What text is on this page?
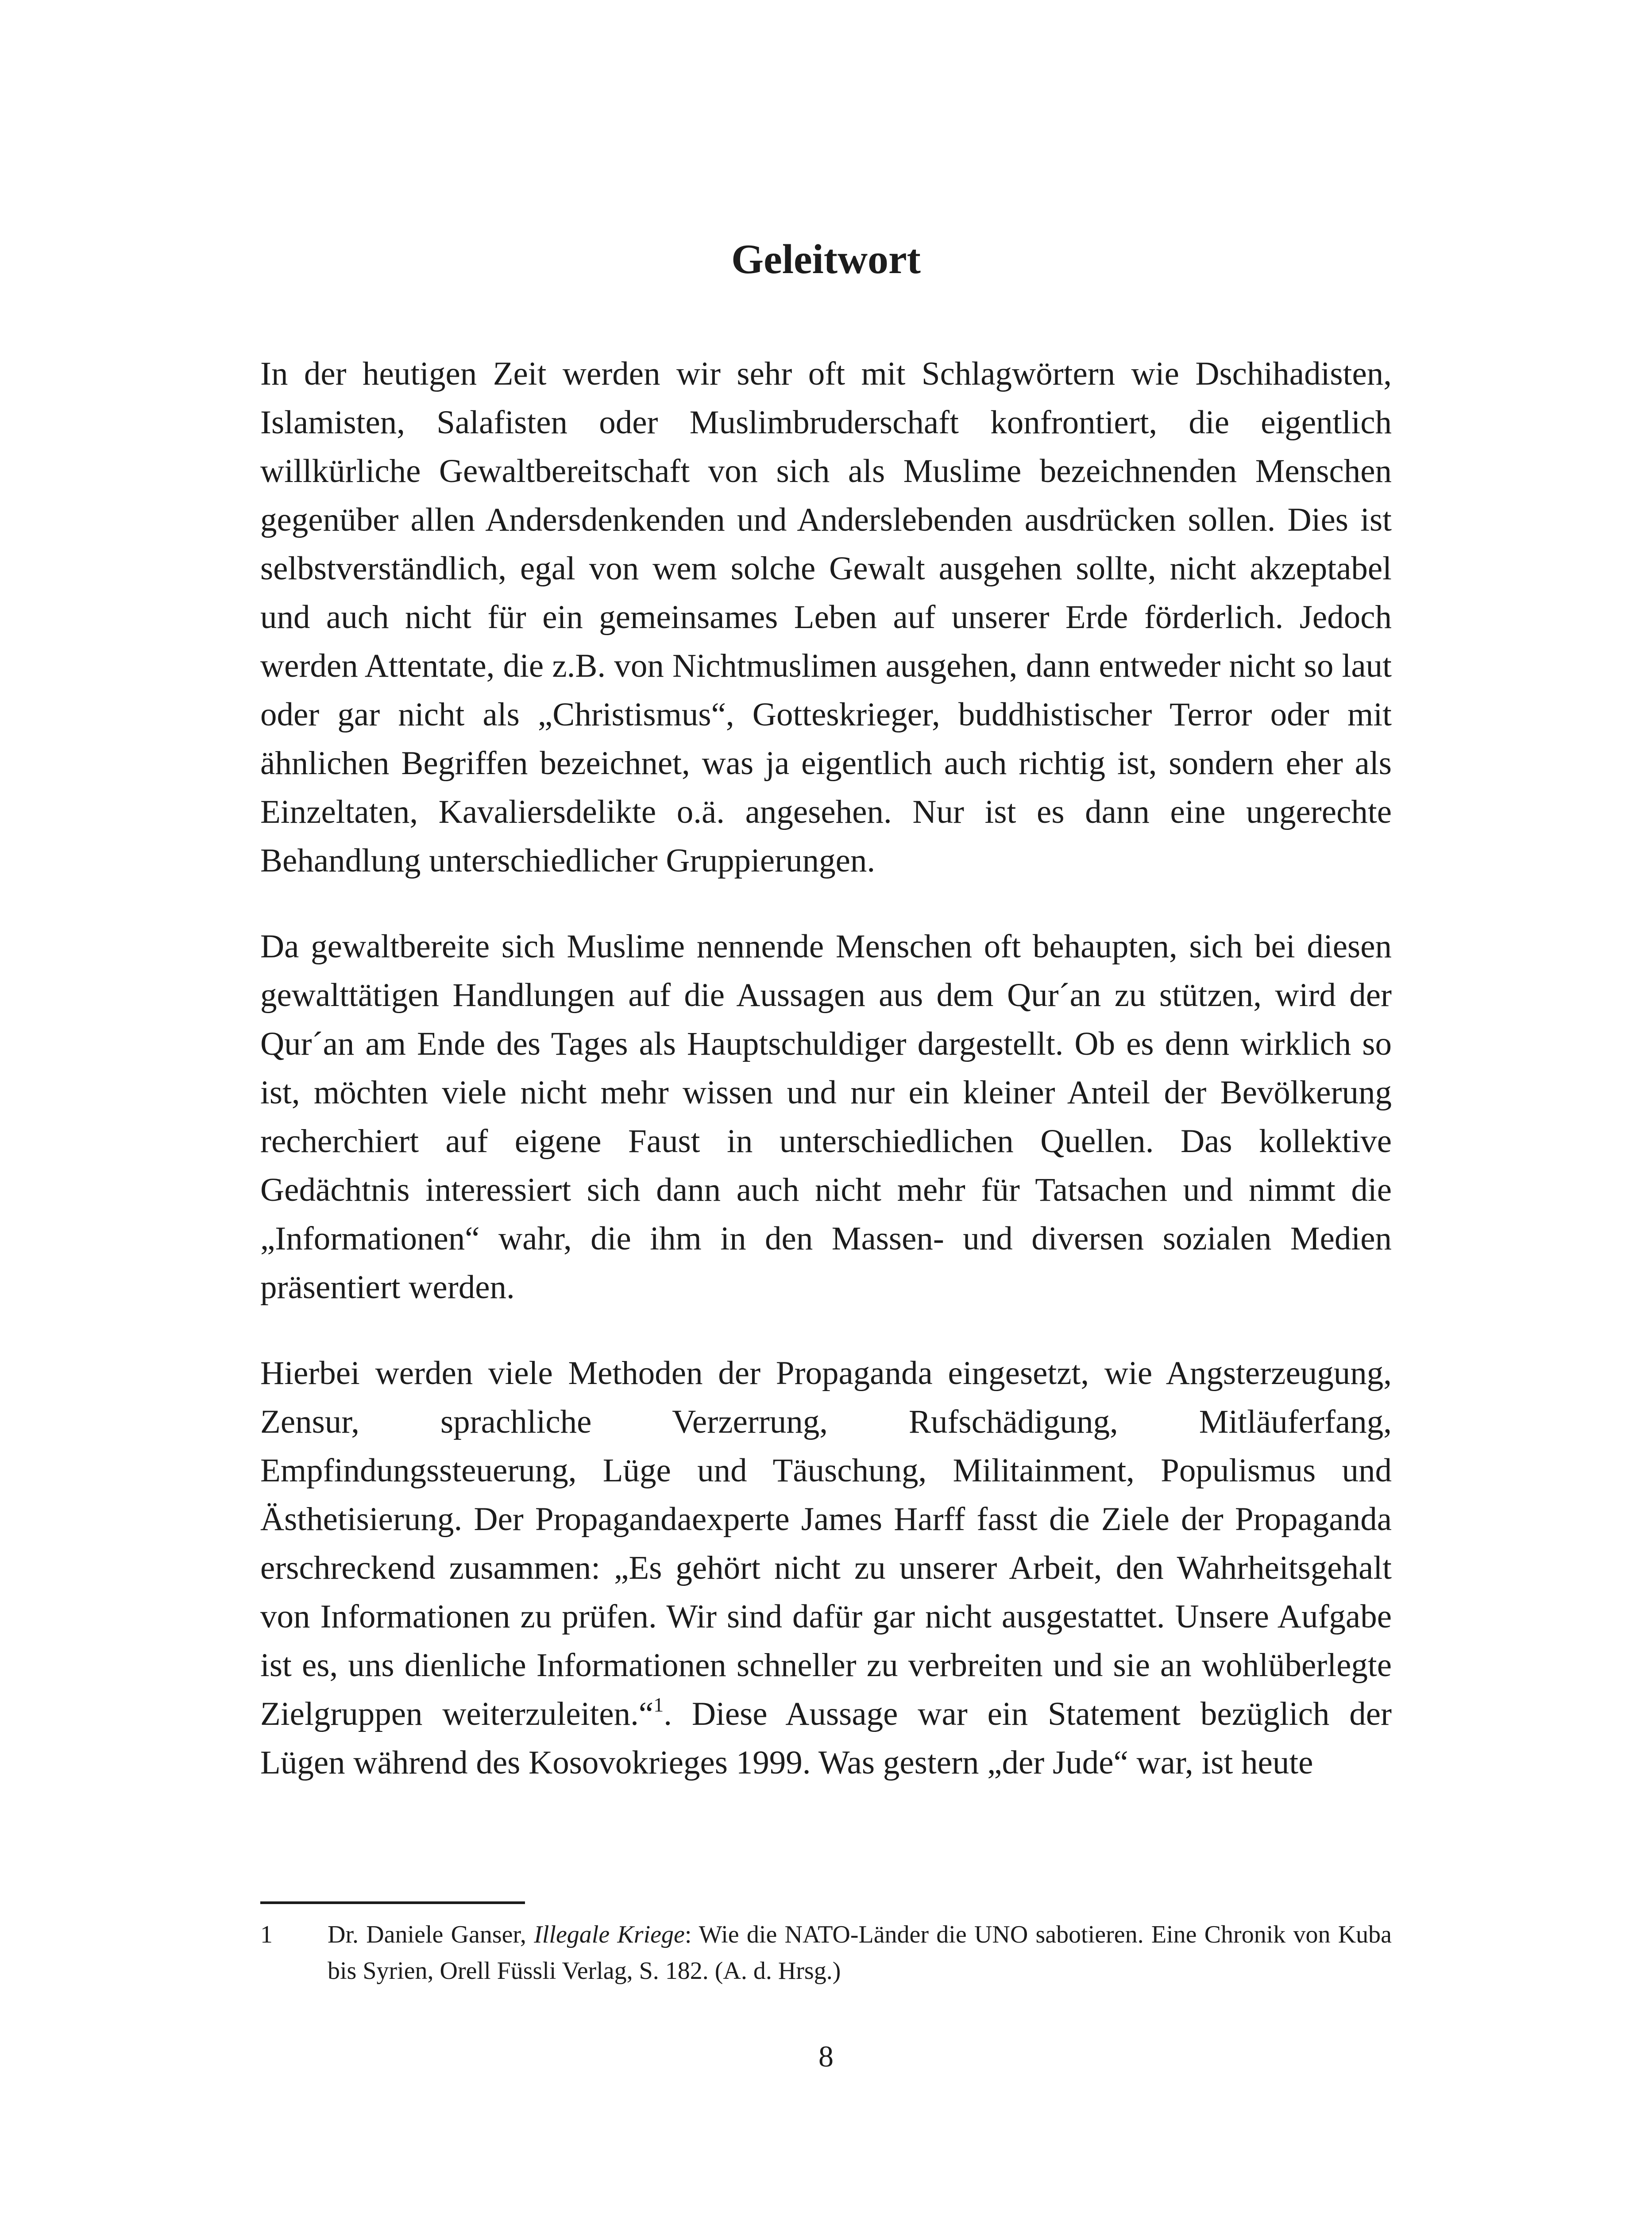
Geleitwort

In der heutigen Zeit werden wir sehr oft mit Schlagwörtern wie Dschihadisten, Islamisten, Salafisten oder Muslimbruderschaft konfrontiert, die eigentlich willkürliche Gewaltbereitschaft von sich als Muslime bezeichnenden Menschen gegenüber allen Andersdenkenden und Anderslebenden ausdrücken sollen. Dies ist selbstverständlich, egal von wem solche Gewalt ausgehen sollte, nicht akzeptabel und auch nicht für ein gemeinsames Leben auf unserer Erde förderlich. Jedoch werden Attentate, die z.B. von Nichtmuslimen ausgehen, dann entweder nicht so laut oder gar nicht als „Christismus“, Gotteskrieger, buddhistischer Terror oder mit ähnlichen Begriffen bezeichnet, was ja eigentlich auch richtig ist, sondern eher als Einzeltaten, Kavaliersdelikte o.ä. angesehen. Nur ist es dann eine ungerechte Behandlung unterschiedlicher Gruppierungen.

Da gewaltbereite sich Muslime nennende Menschen oft behaupten, sich bei diesen gewalttätigen Handlungen auf die Aussagen aus dem Qur´an zu stützen, wird der Qur´an am Ende des Tages als Hauptschuldiger dargestellt. Ob es denn wirklich so ist, möchten viele nicht mehr wissen und nur ein kleiner Anteil der Bevölkerung recherchiert auf eigene Faust in unterschiedlichen Quellen. Das kollektive Gedächtnis interessiert sich dann auch nicht mehr für Tatsachen und nimmt die „Informationen“ wahr, die ihm in den Massen- und diversen sozialen Medien präsentiert werden.

Hierbei werden viele Methoden der Propaganda eingesetzt, wie Angsterzeugung, Zensur, sprachliche Verzerrung, Rufschädigung, Mitläuferfang, Empfindungssteuerung, Lüge und Täuschung, Militainment, Populismus und Ästhetisierung. Der Propagandaexperte James Harff fasst die Ziele der Propaganda erschreckend zusammen: „Es gehört nicht zu unserer Arbeit, den Wahrheitsgehalt von Informationen zu prüfen. Wir sind dafür gar nicht ausgestattet. Unsere Aufgabe ist es, uns dienliche Informationen schneller zu verbreiten und sie an wohlüberlegte Zielgruppen weiterzuleiten.“$^1$. Diese Aussage war ein Statement bezüglich der Lügen während des Kosovokrieges 1999. Was gestern „der Jude“ war, ist heute

1 Dr. Daniele Ganser, Illegale Kriege: Wie die NATO-Länder die UNO sabotieren. Eine Chronik von Kuba bis Syrien, Orell Füssli Verlag, S. 182. (A. d. Hrsg.)
8
